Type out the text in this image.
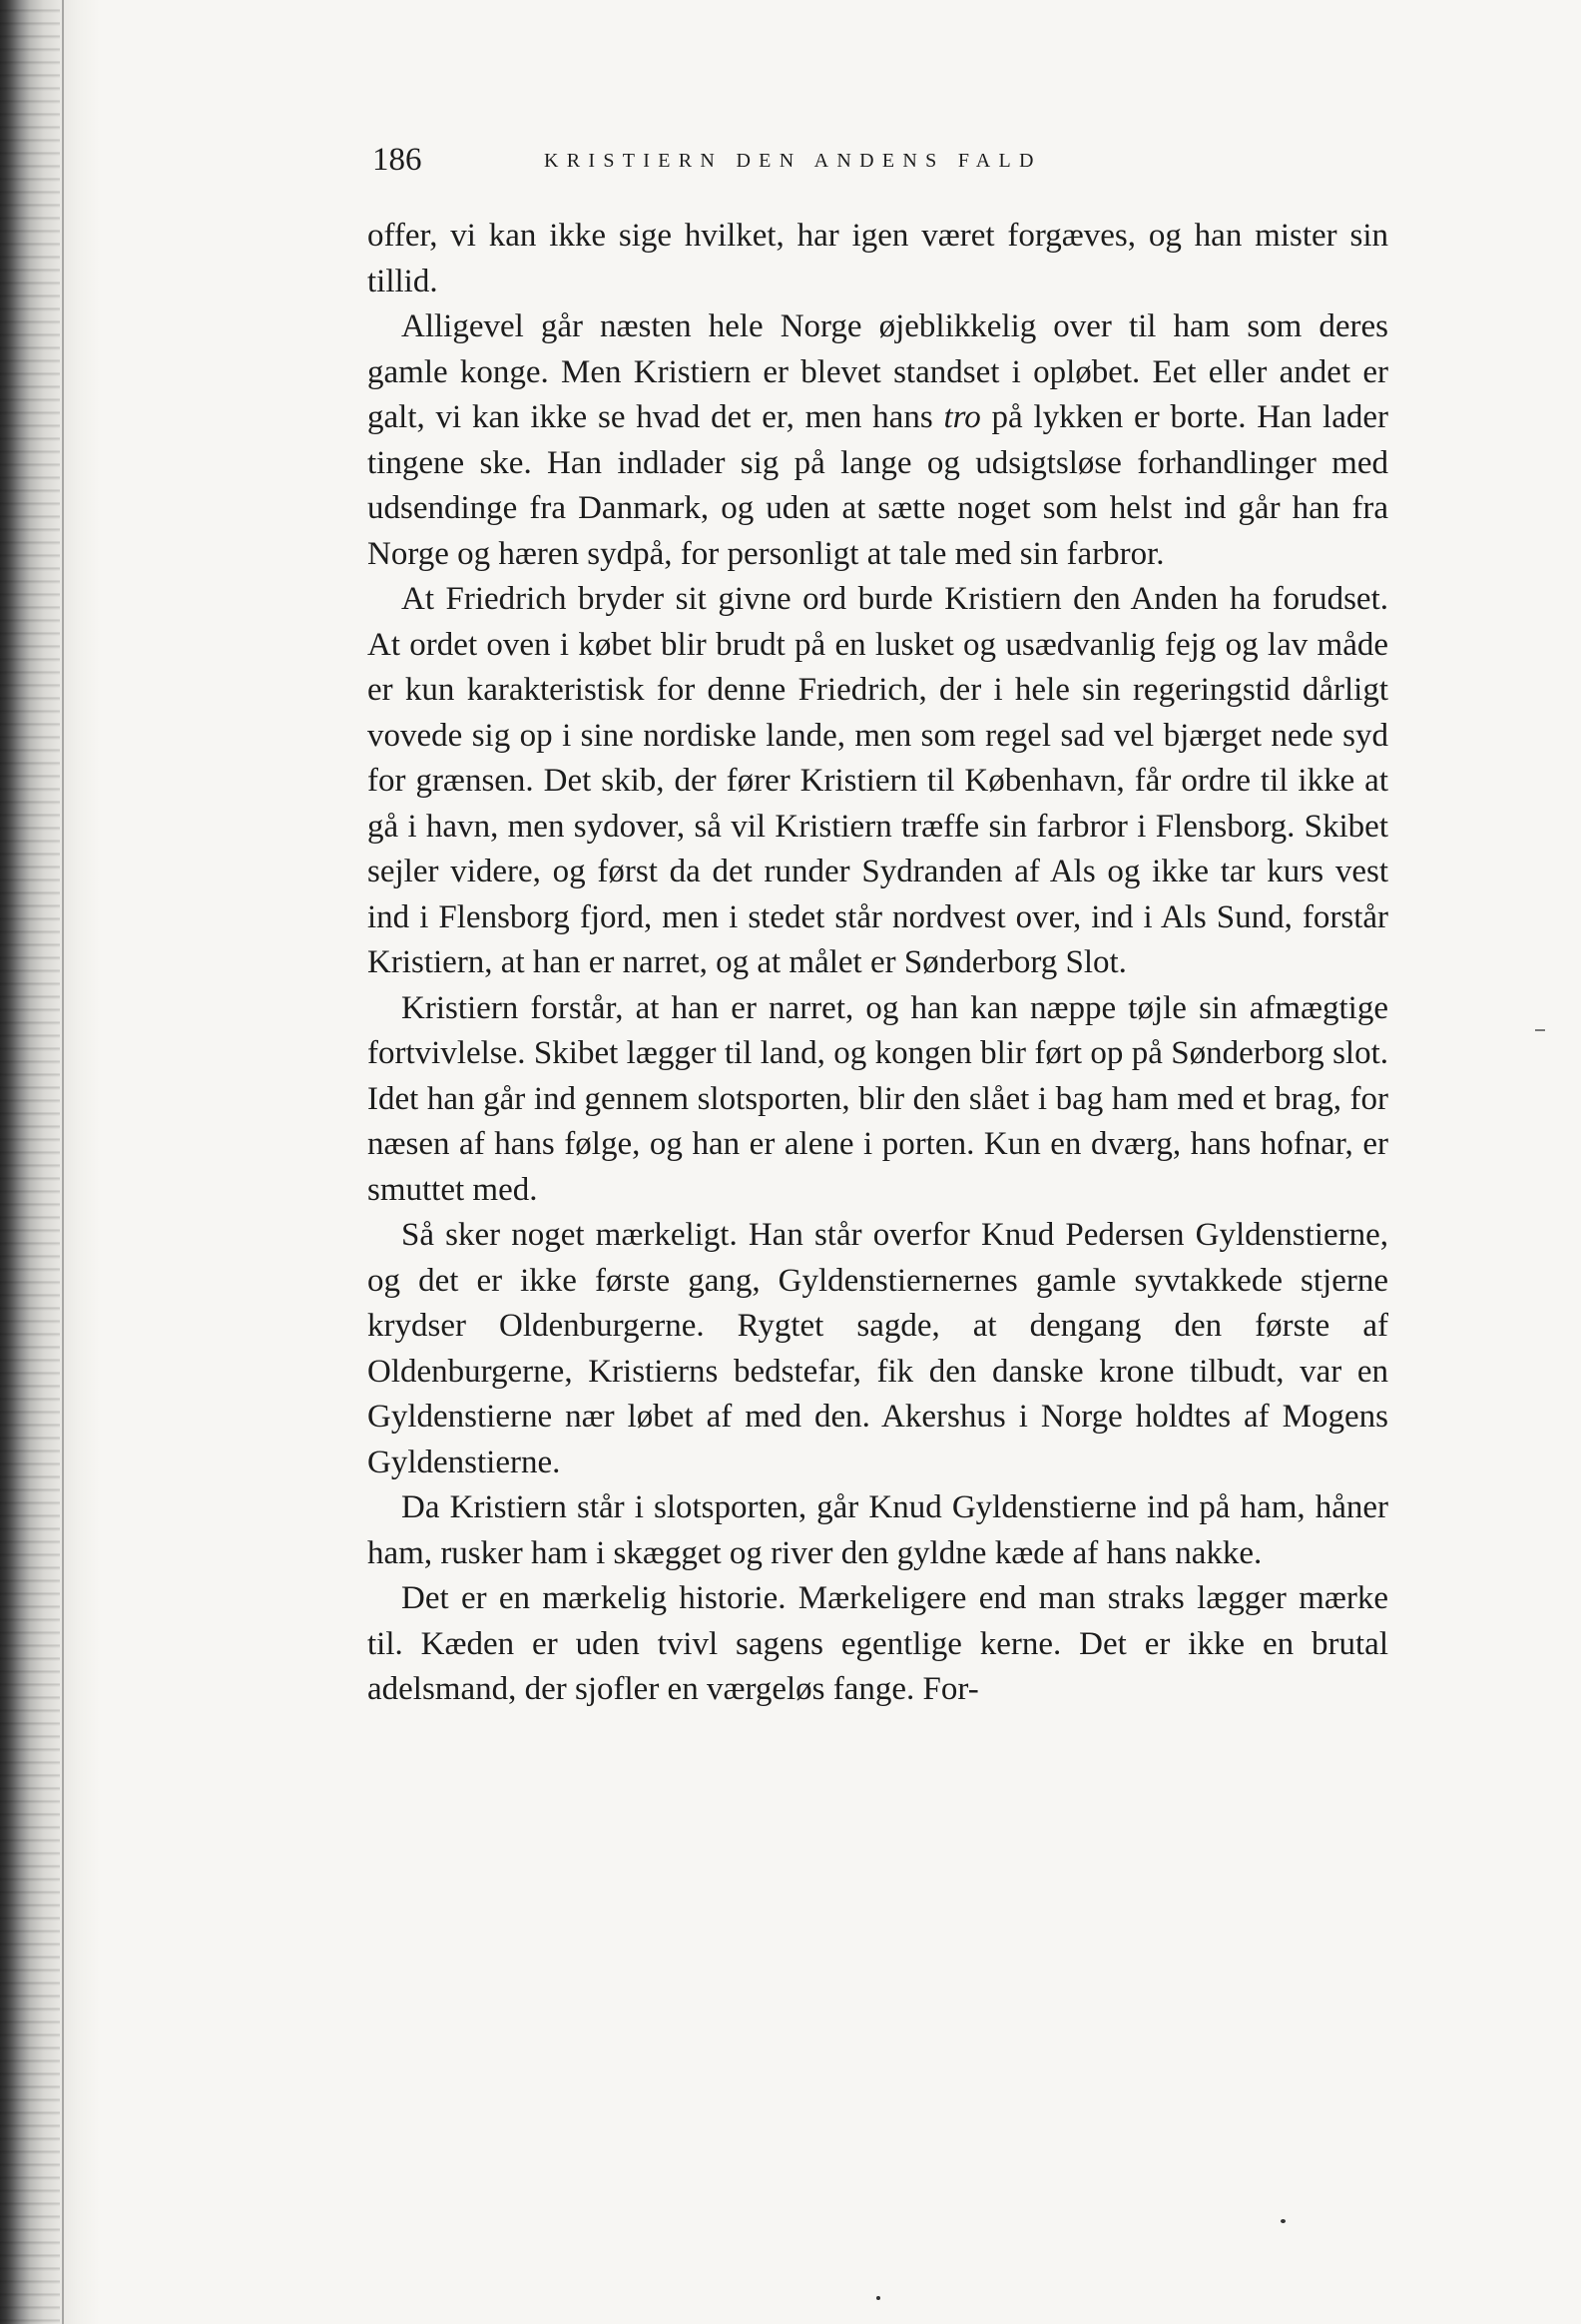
186	KRISTIERN DEN ANDENS FALD

offer, vi kan ikke sige hvilket, har igen været forgæves, og han mister sin tillid.

Alligevel går næsten hele Norge øjeblikkelig over til ham som deres gamle konge. Men Kristiern er blevet standset i opløbet. Eet eller andet er galt, vi kan ikke se hvad det er, men hans tro på lykken er borte. Han lader tingene ske. Han indlader sig på lange og udsigtsløse forhandlinger med udsendinge fra Danmark, og uden at sætte noget som helst ind går han fra Norge og hæren sydpå, for personligt at tale med sin farbror.

At Friedrich bryder sit givne ord burde Kristiern den Anden ha forudset. At ordet oven i købet blir brudt på en lusket og usædvanlig fejg og lav måde er kun karakteristisk for denne Friedrich, der i hele sin regeringstid dårligt vovede sig op i sine nordiske lande, men som regel sad vel bjærget nede syd for grænsen. Det skib, der fører Kristiern til København, får ordre til ikke at gå i havn, men sydover, så vil Kristiern træffe sin farbror i Flensborg. Skibet sejler videre, og først da det runder Sydranden af Als og ikke tar kurs vest ind i Flensborg fjord, men i stedet står nordvest over, ind i Als Sund, forstår Kristiern, at han er narret, og at målet er Sønderborg Slot.

Kristiern forstår, at han er narret, og han kan næppe tøjle sin afmægtige fortvivlelse. Skibet lægger til land, og kongen blir ført op på Sønderborg slot. Idet han går ind gennem slotsporten, blir den slået i bag ham med et brag, for næsen af hans følge, og han er alene i porten. Kun en dværg, hans hofnar, er smuttet med.

Så sker noget mærkeligt. Han står overfor Knud Pedersen Gyldenstierne, og det er ikke første gang, Gyldenstiernernes gamle syvtakkede stjerne krydser Oldenburgerne. Rygtet sagde, at dengang den første af Oldenburgerne, Kristierns bedstefar, fik den danske krone tilbudt, var en Gyldenstierne nær løbet af med den. Akershus i Norge holdtes af Mogens Gyldenstierne.

Da Kristiern står i slotsporten, går Knud Gyldenstierne ind på ham, håner ham, rusker ham i skægget og river den gyldne kæde af hans nakke.

Det er en mærkelig historie. Mærkeligere end man straks lægger mærke til. Kæden er uden tvivl sagens egentlige kerne. Det er ikke en brutal adelsmand, der sjofler en værgeløs fange. For-
